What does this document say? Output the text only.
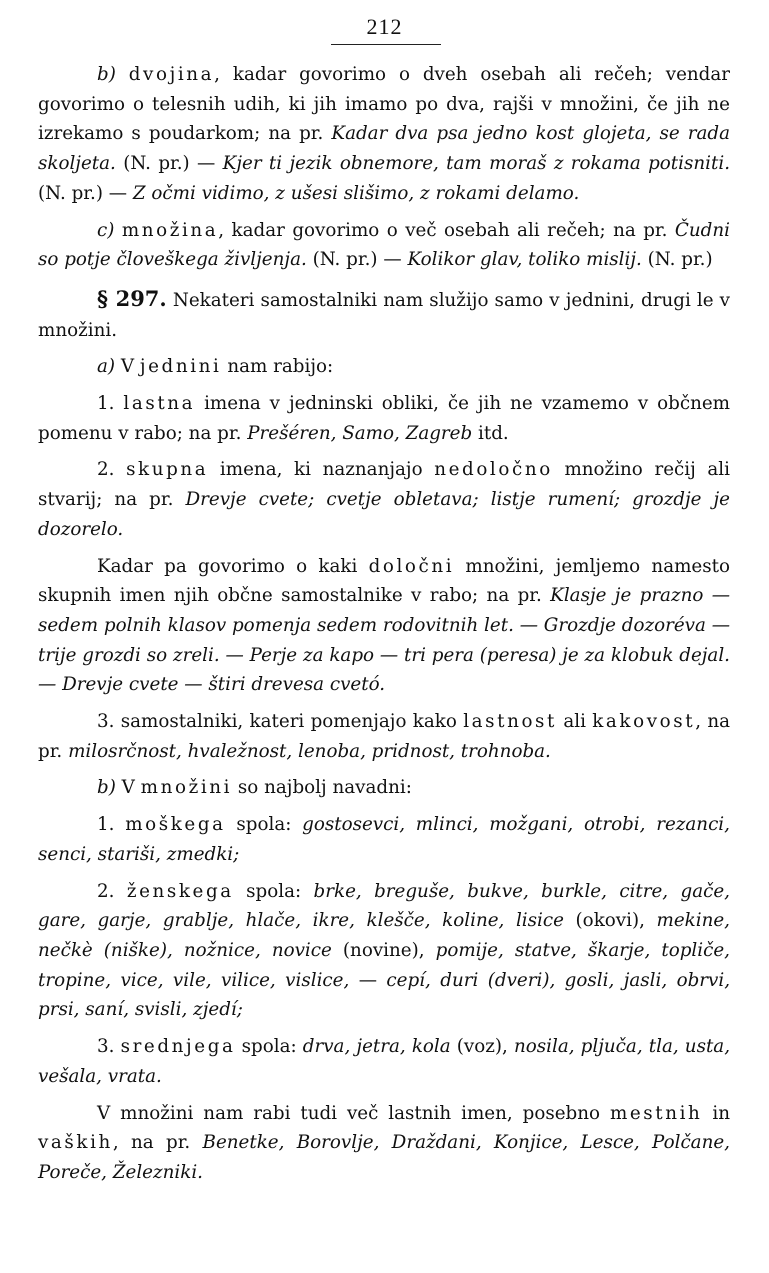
212

b) dvojina, kadar govorimo o dveh osebah ali rečeh; vendar govorimo o telesnih udih, ki jih imamo po dva, rajši v množini, če jih ne izrekamo s poudarkom; na pr. Kadar dva psa jedno kost glojeta, se rada skoljeta. (N. pr.) — Kjer ti jezik obnemore, tam moraš z rokama potisniti. (N. pr.) — Z očmi vidimo, z ušesi slišimo, z rokami delamo.

c) množina, kadar govorimo o več osebah ali rečeh; na pr. Čudni so potje človeškega življenja. (N. pr.) — Kolikor glav, toliko mislij. (N. pr.)

§ 297. Nekateri samostalniki nam služijo samo v jednini, drugi le v množini.

a) V jednini nam rabijo:

1. lastna imena v jedninski obliki, če jih ne vzamemo v občnem pomenu v rabo; na pr. Prešéren, Samo, Zagreb itd.

2. skupna imena, ki naznanjajo nedoločno množino rečij ali stvarij; na pr. Drevje cvete; cvetje obletava; listje rumení; grozdje je dozorelo.

Kadar pa govorimo o kaki določni množini, jemljemo namesto skupnih imen njih občne samostalnike v rabo; na pr. Klasje je prazno — sedem polnih klasov pomenja sedem rodovitnih let. — Grozdje dozoréva — trije grozdi so zreli. — Perje za kapo — tri pera (peresa) je za klobuk dejal. — Drevje cvete — štiri drevesa cvetó.

3. samostalniki, kateri pomenjajo kako lastnost ali kakovost, na pr. milosrčnost, hvaležnost, lenoba, pridnost, trohnoba.

b) V množini so najbolj navadni:

1. moškega spola: gostosevci, mlinci, možgani, otrobi, rezanci, senci, stariši, zmedki;

2. ženskega spola: brke, breguše, bukve, burkle, citre, gače, gare, garje, grablje, hlače, ikre, klešče, koline, lisice (okovi), mekine, nečkè (niške), nožnice, novice (novine), pomije, statve, škarje, topliče, tropine, vice, vile, vilice, vislice, — cepí, duri (dveri), gosli, jasli, obrvi, prsi, saní, svisli, zjedí;

3. srednjega spola: drva, jetra, kola (voz), nosila, pljuča, tla, usta, vešala, vrata.

V množini nam rabi tudi več lastnih imen, posebno mestnih in vaških, na pr. Benetke, Borovlje, Draždani, Konjice, Lesce, Polčane, Poreče, Železniki.
